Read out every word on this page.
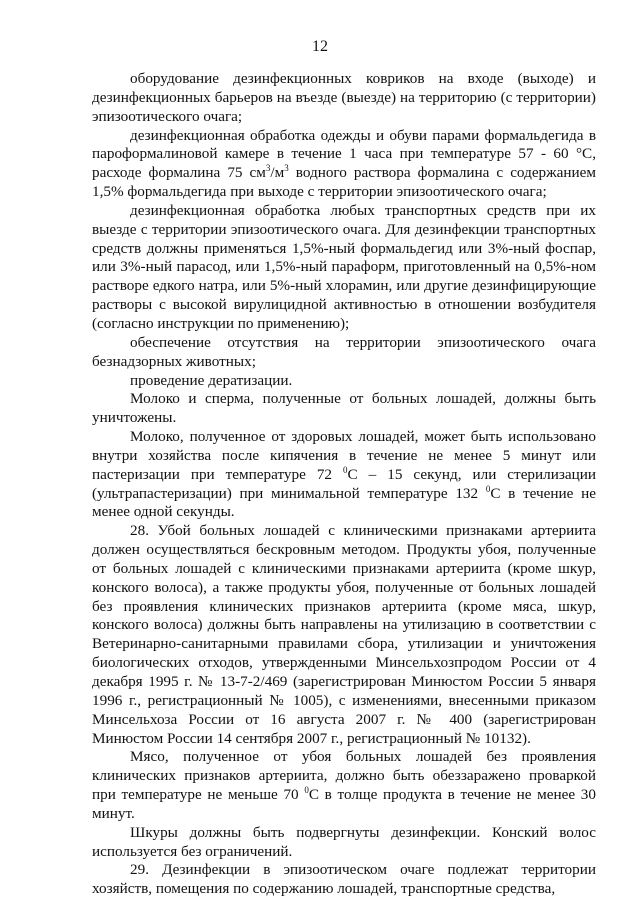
12

оборудование дезинфекционных ковриков на входе (выходе) и дезинфекционных барьеров на въезде (выезде) на территорию (с территории) эпизоотического очага;

дезинфекционная обработка одежды и обуви парами формальдегида в пароформалиновой камере в течение 1 часа при температуре 57 - 60 °С, расходе формалина 75 $см^3/м^3$ водного раствора формалина с содержанием 1,5% формальдегида при выходе с территории эпизоотического очага;

дезинфекционная обработка любых транспортных средств при их выезде с территории эпизоотического очага. Для дезинфекции транспортных средств должны применяться 1,5%-ный формальдегид или 3%-ный фоспар, или 3%-ный парасод, или 1,5%-ный параформ, приготовленный на 0,5%-ном растворе едкого натра, или 5%-ный хлорамин, или другие дезинфицирующие растворы с высокой вирулицидной активностью в отношении возбудителя (согласно инструкции по применению);

обеспечение отсутствия на территории эпизоотического очага безнадзорных животных;

проведение дератизации.

Молоко и сперма, полученные от больных лошадей, должны быть уничтожены.

Молоко, полученное от здоровых лошадей, может быть использовано внутри хозяйства после кипячения в течение не менее 5 минут или пастеризации при температуре 72 $^0$С – 15 секунд, или стерилизации (ультрапастеризации) при минимальной температуре 132 $^0$С в течение не менее одной секунды.

28. Убой больных лошадей с клиническими признаками артериита должен осуществляться бескровным методом. Продукты убоя, полученные от больных лошадей с клиническими признаками артериита (кроме шкур, конского волоса), а также продукты убоя, полученные от больных лошадей без проявления клинических признаков артериита (кроме мяса, шкур, конского волоса) должны быть направлены на утилизацию в соответствии с Ветеринарно-санитарными правилами сбора, утилизации и уничтожения биологических отходов, утвержденными Минсельхозпродом России от 4 декабря 1995 г. № 13-7-2/469 (зарегистрирован Минюстом России 5 января 1996 г., регистрационный № 1005), с изменениями, внесенными приказом Минсельхоза России от 16 августа 2007 г. № 400 (зарегистрирован Минюстом России 14 сентября 2007 г., регистрационный № 10132).

Мясо, полученное от убоя больных лошадей без проявления клинических признаков артериита, должно быть обеззаражено проваркой при температуре не меньше 70 $^0$С в толще продукта в течение не менее 30 минут.

Шкуры должны быть подвергнуты дезинфекции. Конский волос используется без ограничений.

29. Дезинфекции в эпизоотическом очаге подлежат территории хозяйств, помещения по содержанию лошадей, транспортные средства,
